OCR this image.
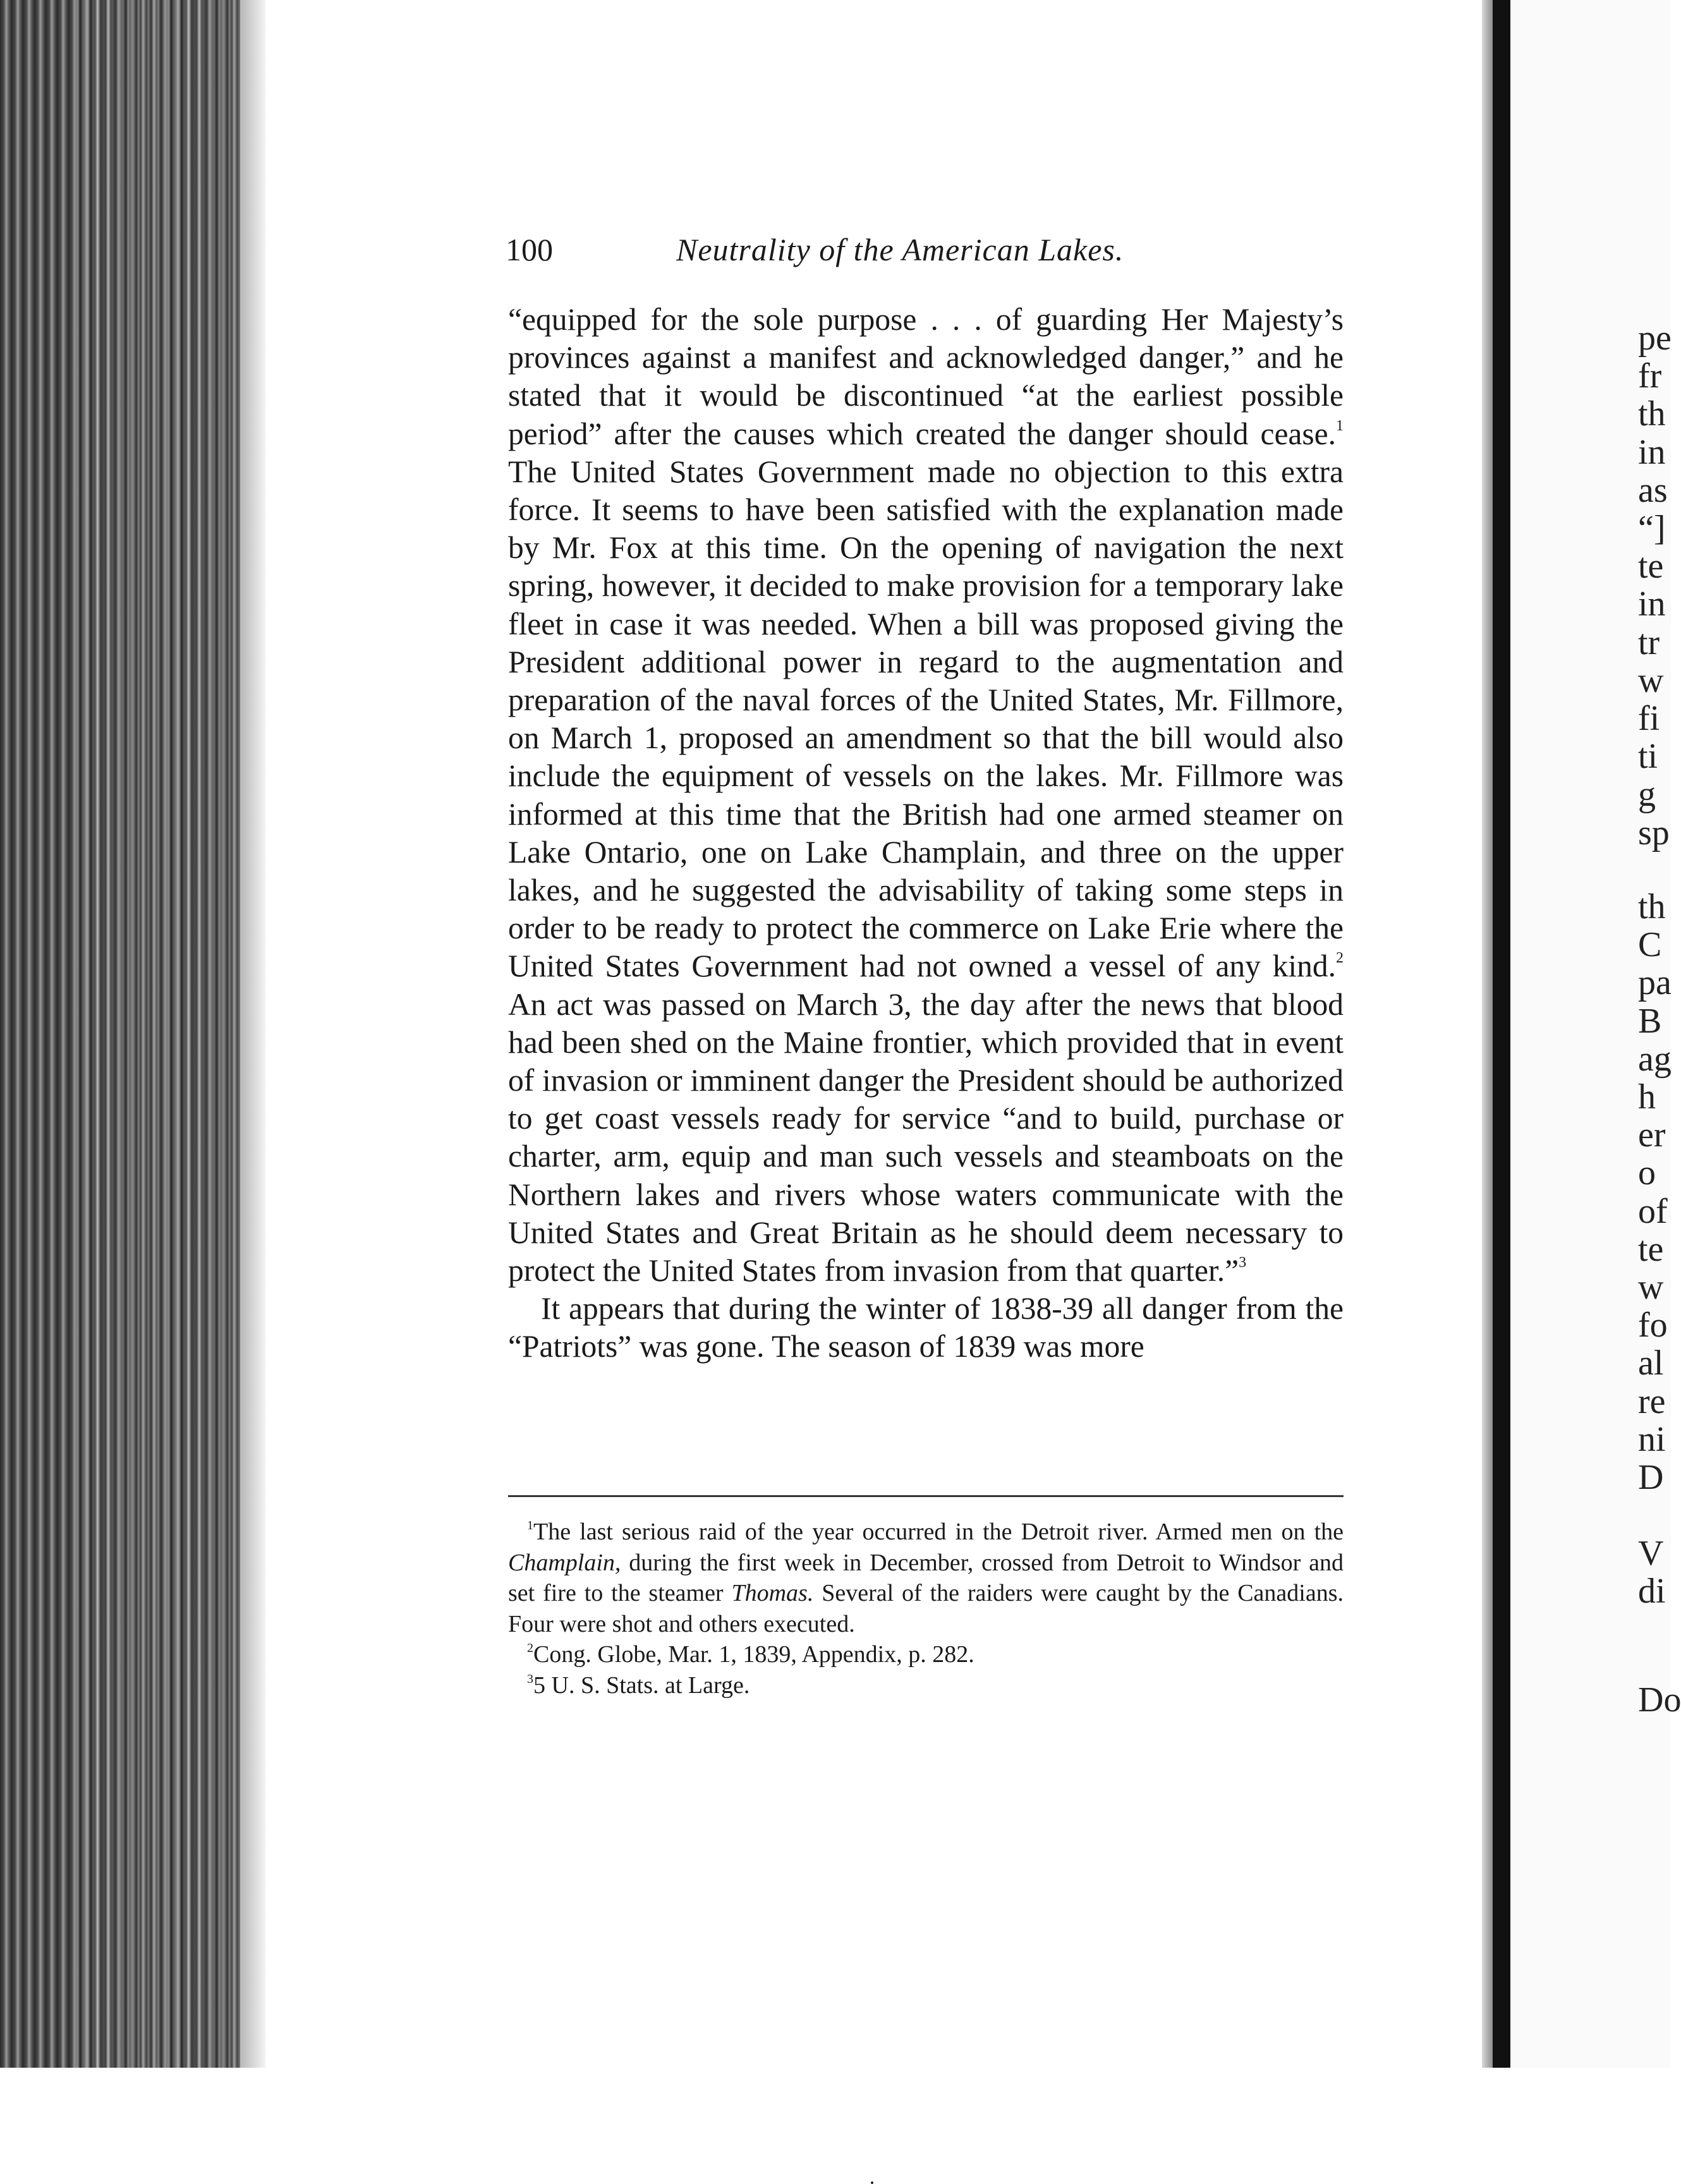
100	Neutrality of the American Lakes.

“equipped for the sole purpose . . . of guarding Her Majesty’s provinces against a manifest and acknowledged danger,” and he stated that it would be discontinued “at the earliest possible period” after the causes which created the danger should cease.$^1$ The United States Government made no objection to this extra force. It seems to have been satisfied with the explanation made by Mr. Fox at this time. On the opening of navigation the next spring, however, it decided to make provision for a temporary lake fleet in case it was needed. When a bill was proposed giving the President additional power in regard to the augmentation and preparation of the naval forces of the United States, Mr. Fillmore, on March 1, proposed an amendment so that the bill would also include the equipment of vessels on the lakes. Mr. Fillmore was informed at this time that the British had one armed steamer on Lake Ontario, one on Lake Champlain, and three on the upper lakes, and he suggested the advisability of taking some steps in order to be ready to protect the commerce on Lake Erie where the United States Government had not owned a vessel of any kind.$^2$ An act was passed on March 3, the day after the news that blood had been shed on the Maine frontier, which provided that in event of invasion or imminent danger the President should be authorized to get coast vessels ready for service “and to build, purchase or charter, arm, equip and man such vessels and steamboats on the Northern lakes and rivers whose waters communicate with the United States and Great Britain as he should deem necessary to protect the United States from invasion from that quarter.”$^3$

It appears that during the winter of 1838-39 all danger from the “Patriots” was gone. The season of 1839 was more

$^1$The last serious raid of the year occurred in the Detroit river. Armed men on the Champlain, during the first week in December, crossed from Detroit to Windsor and set fire to the steamer Thomas. Several of the raiders were caught by the Canadians. Four were shot and others executed.

$^2$Cong. Globe, Mar. 1, 1839, Appendix, p. 282.

$^3$5 U. S. Stats. at Large.

pe
fr
th
in
as
“]
te
in
tr
w
fi
ti
g
sp
th
C
pa
B
ag
h
er
o
of
te
w
fo
al
re
ni
D
V
di
Do
